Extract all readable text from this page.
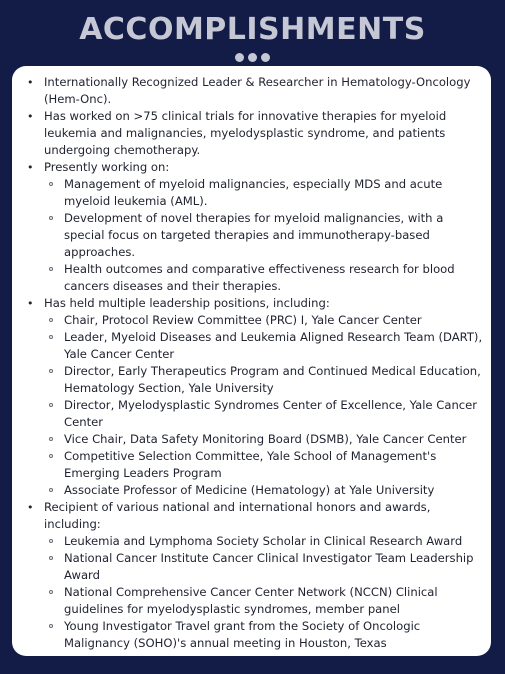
ACCOMPLISHMENTS
• Internationally Recognized Leader & Researcher in Hematology-Oncology (Hem-Onc).
• Has worked on >75 clinical trials for innovative therapies for myeloid leukemia and malignancies, myelodysplastic syndrome, and patients undergoing chemotherapy.
• Presently working on:
Management of myeloid malignancies, especially MDS and acute myeloid leukemia (AML).
Development of novel therapies for myeloid malignancies, with a special focus on targeted therapies and immunotherapy-based approaches.
Health outcomes and comparative effectiveness research for blood cancers diseases and their therapies.
• Has held multiple leadership positions, including:
Chair, Protocol Review Committee (PRC) I, Yale Cancer Center
Leader, Myeloid Diseases and Leukemia Aligned Research Team (DART), Yale Cancer Center
Director, Early Therapeutics Program and Continued Medical Education, Hematology Section, Yale University
Director, Myelodysplastic Syndromes Center of Excellence, Yale Cancer Center
Vice Chair, Data Safety Monitoring Board (DSMB), Yale Cancer Center
Competitive Selection Committee, Yale School of Management's Emerging Leaders Program
Associate Professor of Medicine (Hematology) at Yale University
• Recipient of various national and international honors and awards, including:
Leukemia and Lymphoma Society Scholar in Clinical Research Award
National Cancer Institute Cancer Clinical Investigator Team Leadership Award
National Comprehensive Cancer Center Network (NCCN) Clinical guidelines for myelodysplastic syndromes, member panel
Young Investigator Travel grant from the Society of Oncologic Malignancy (SOHO)'s annual meeting in Houston, Texas
